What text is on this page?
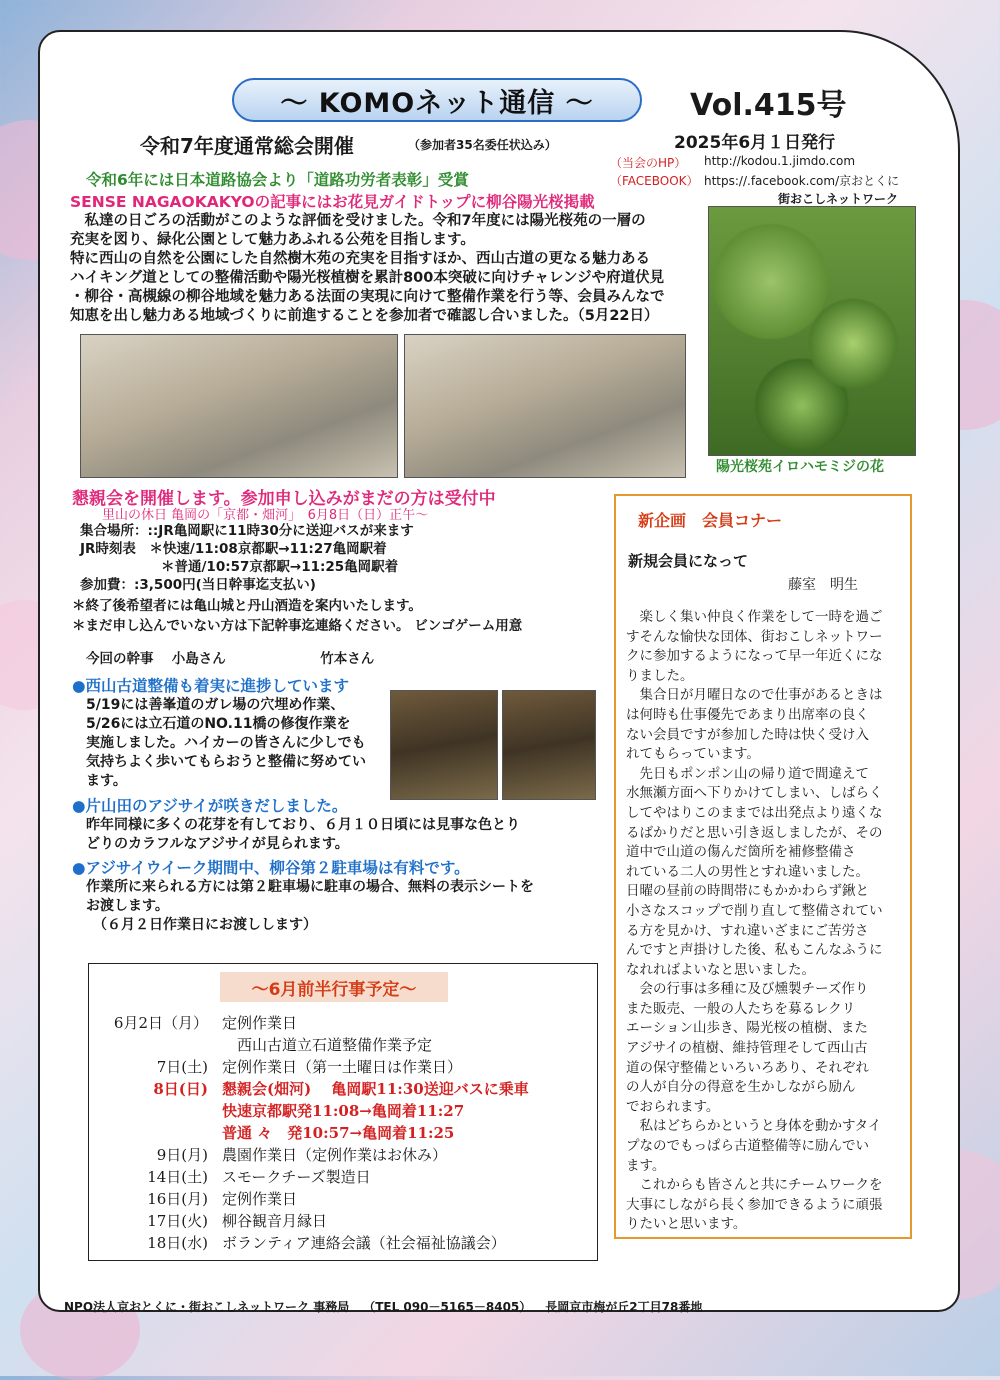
～ KOMOネット通信 ～	Vol.415号
2025年6月１日発行
（当会のHP） http://kodou.1.jimdo.com
（FACEBOOK） https://.facebook.com/京おとくに
街おこしネットワーク
令和7年度通常総会開催	（参加者35名委任状込み）
令和6年には日本道路協会より「道路功労者表彰」受賞
SENSE NAGAOKAKYOの記事にはお花見ガイドトップに柳谷陽光桜掲載
　私達の日ごろの活動がこのような評価を受けました。令和7年度には陽光桜苑の一層の
充実を図り、緑化公園として魅力あふれる公苑を目指します。
特に西山の自然を公園にした自然樹木苑の充実を目指すほか、西山古道の更なる魅力ある
ハイキング道としての整備活動や陽光桜植樹を累計800本突破に向けチャレンジや府道伏見
・柳谷・高槻線の柳谷地域を魅力ある法面の実現に向けて整備作業を行う等、会員みんなで
知恵を出し魅力ある地域づくりに前進することを参加者で確認し合いました。（5月22日）
陽光桜苑イロハモミジの花
懇親会を開催します。参加申し込みがまだの方は受付中
里山の休日 亀岡の「京都・畑河」　6月8日（日）正午～
集合場所：::JR亀岡駅に11時30分に送迎バスが来ます
JR時刻表　＊快速/11:08京都駅→11:27亀岡駅着
　　　　　　＊普通/10:57京都駅→11:25亀岡駅着
参加費：:3,500円(当日幹事迄支払い)
＊終了後希望者には亀山城と丹山酒造を案内いたします。
＊まだ申し込んでいない方は下記幹事迄連絡ください。 ビンゴゲーム用意
今回の幹事　 小島さん　　　　　　　竹本さん
●西山古道整備も着実に進捗しています
5/19には善峯道のガレ場の穴埋め作業、
5/26には立石道のNO.11橋の修復作業を
実施しました。ハイカーの皆さんに少しでも
気持ちよく歩いてもらおうと整備に努めてい
ます。
●片山田のアジサイが咲きだしました。
　昨年同様に多くの花芽を有しており、６月１０日頃には見事な色とり
　どりのカラフルなアジサイが見られます。
●アジサイウイーク期間中、柳谷第２駐車場は有料です。
　作業所に来られる方には第２駐車場に駐車の場合、無料の表示シートを
　お渡します。
　　（６月２日作業日にお渡しします）
～6月前半行事予定～
6月2日（月） 定例作業日
　西山古道立石道整備作業予定
7日(土) 定例作業日（第一土曜日は作業日）
8日(日) 懇親会(畑河)　 亀岡駅11:30送迎バスに乗車
快速京都駅発11:08→亀岡着11:27
普通 々　発10:57→亀岡着11:25
9日(月) 農園作業日（定例作業はお休み）
14日(土) スモークチーズ製造日
16日(月) 定例作業日
17日(火) 柳谷観音月縁日
18日(水) ボランティア連絡会議（社会福祉協議会）
新企画　会員コナー
新規会員になって
藤室　明生
　楽しく集い仲良く作業をして一時を過ご
すそんな愉快な団体、街おこしネットワー
クに参加するようになって早一年近くにな
りました。
　集合日が月曜日なので仕事があるときは
は何時も仕事優先であまり出席率の良く
ない会員ですが参加した時は快く受け入
れてもらっています。
　先日もポンポン山の帰り道で間違えて
水無瀬方面へ下りかけてしまい、しばらく
してやはりこのままでは出発点より遠くな
るばかりだと思い引き返しましたが、その
道中で山道の傷んだ箇所を補修整備さ
れている二人の男性とすれ違いました。
日曜の昼前の時間帯にもかかわらず鍬と
小さなスコップで削り直して整備されてい
る方を見かけ、すれ違いざまにご苦労さ
んですと声掛けした後、私もこんなふうに
なれればよいなと思いました。
　会の行事は多種に及び燻製チーズ作り
また販売、一般の人たちを募るレクリ
エーション山歩き、陽光桜の植樹、また
アジサイの植樹、維持管理そして西山古
道の保守整備といろいろあり、それぞれ
の人が自分の得意を生かしながら励ん
でおられます。
　私はどちらかというと身体を動かすタイ
プなのでもっぱら古道整備等に励んでい
ます。
　これからも皆さんと共にチームワークを
大事にしながら長く参加できるように頑張
りたいと思います。
NPO法人京おとくに・街おこしネットワーク 事務局 （TEL 090－5165－8405） 長岡京市梅が丘2丁目78番地
